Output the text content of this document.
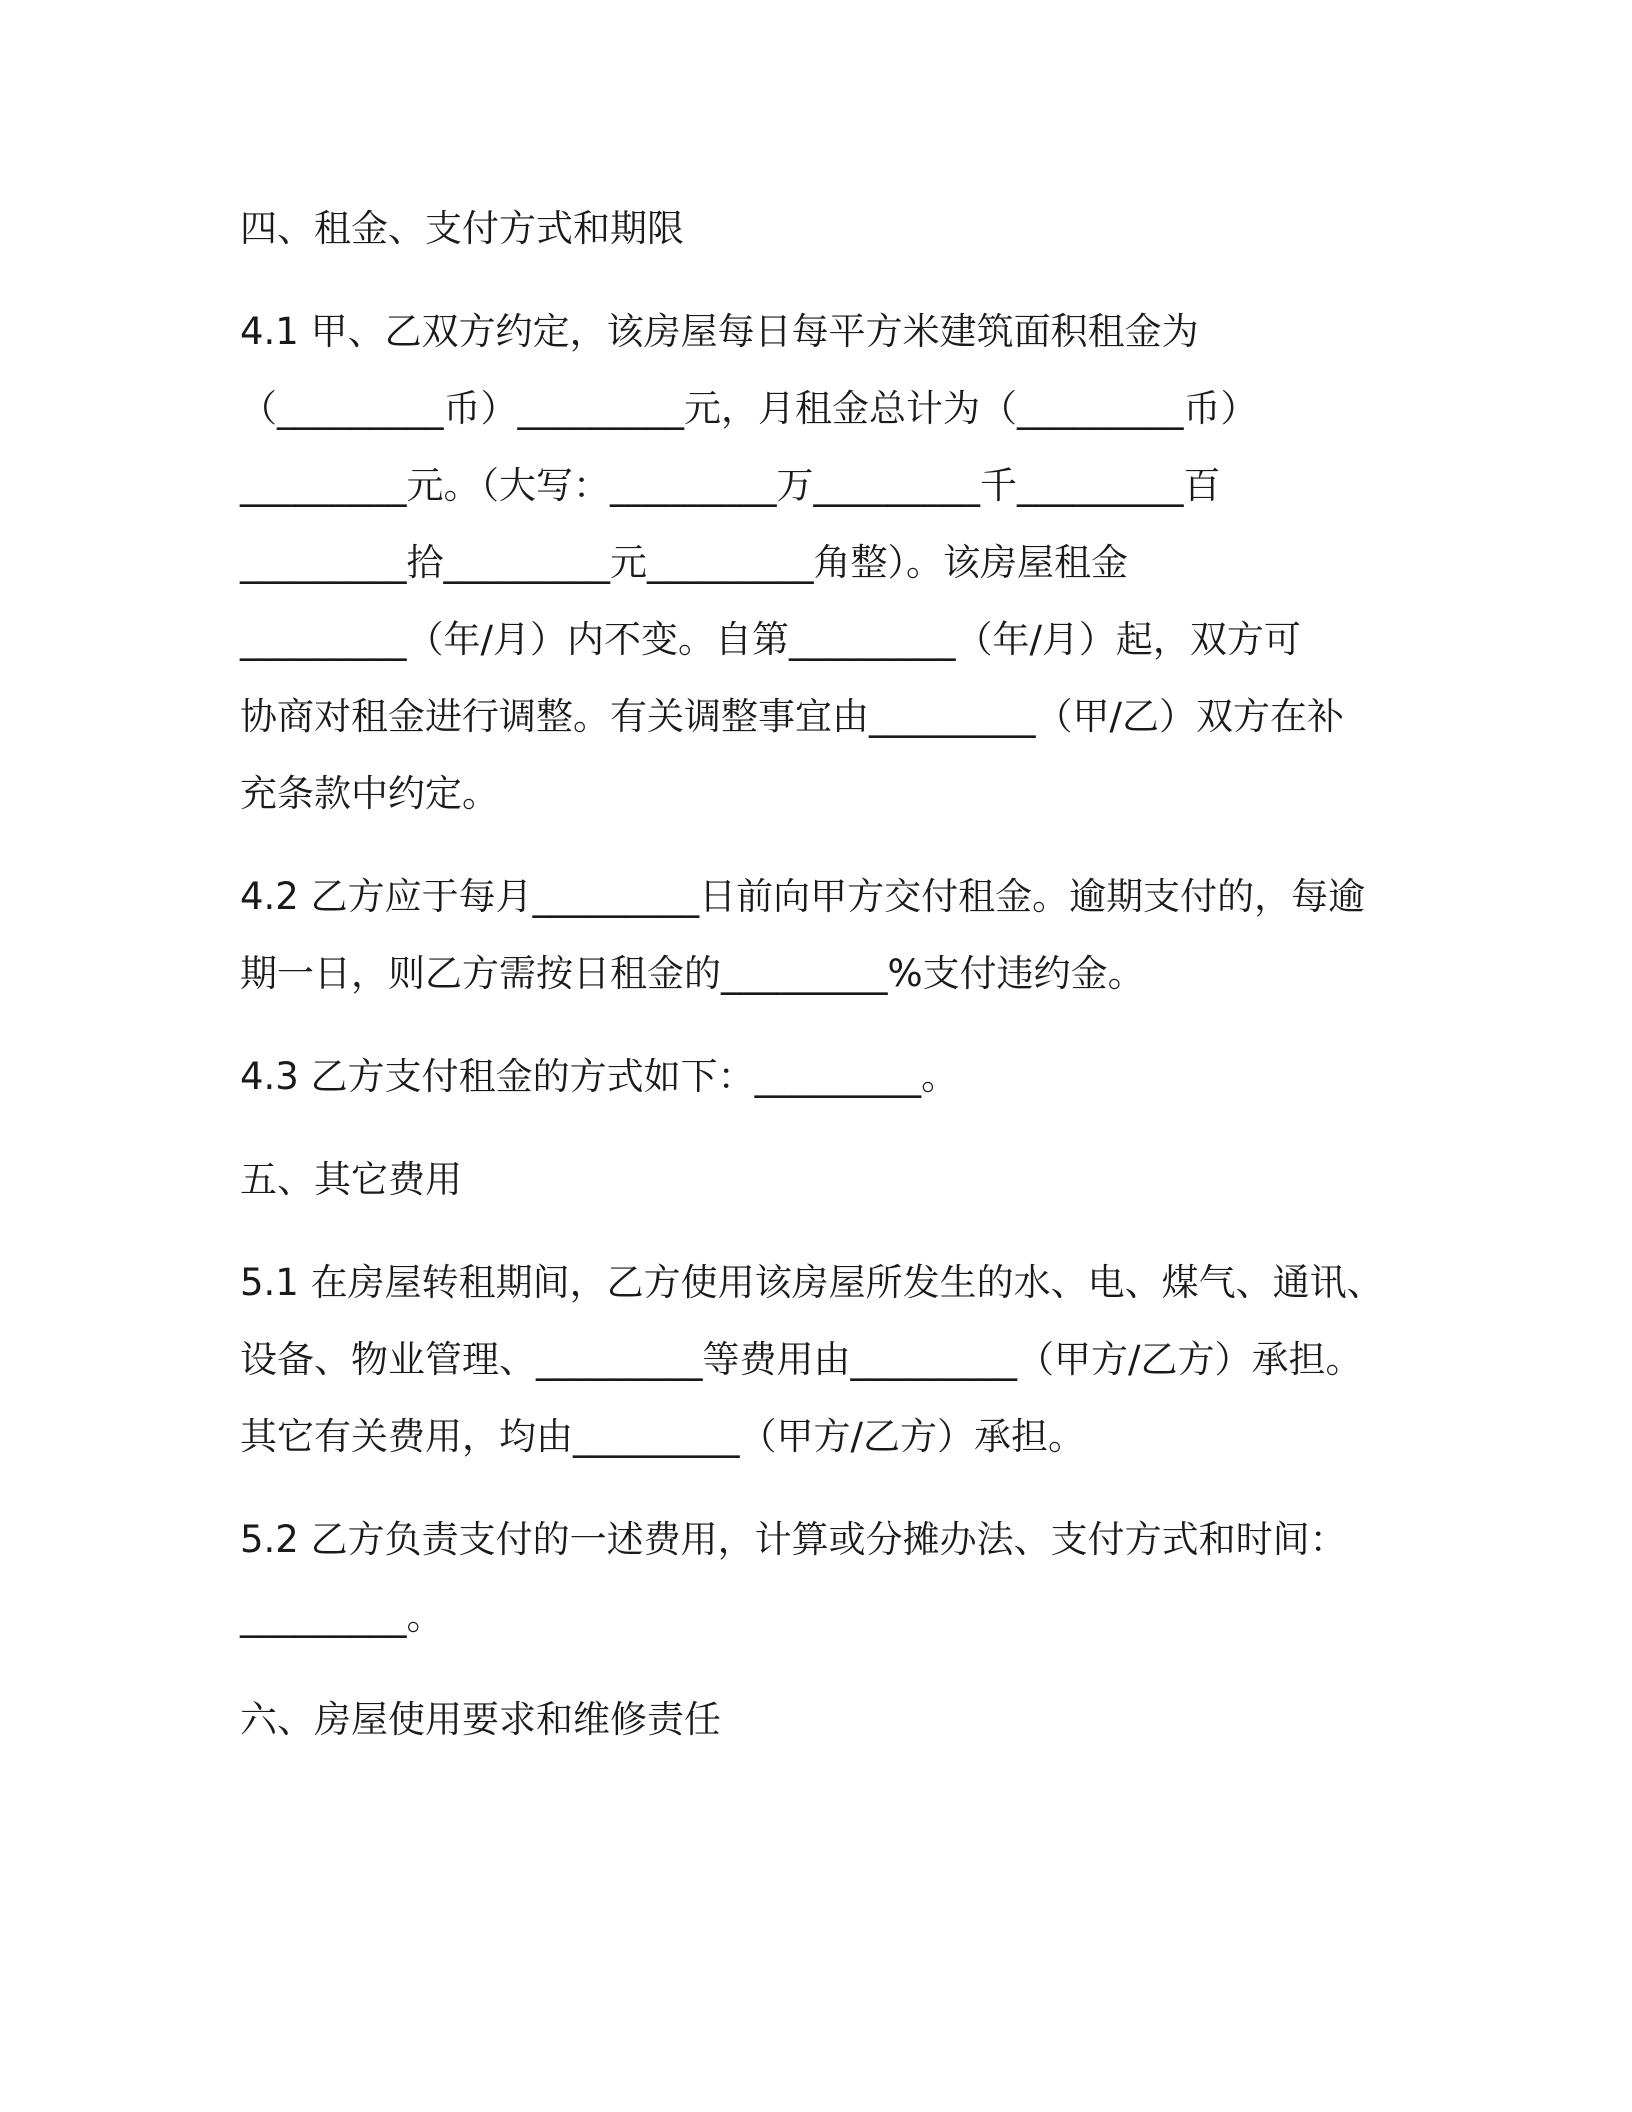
四、租金、支付方式和期限
4.1 甲、乙双方约定，该房屋每日每平方米建筑面积租金为
（_________币）_________元，月租金总计为（_________币）
_________元。（大写：_________万_________千_________百
_________拾_________元_________角整）。该房屋租金
_________（年/月）内不变。自第_________（年/月）起，双方可
协商对租金进行调整。有关调整事宜由_________（甲/乙）双方在补
充条款中约定。
4.2 乙方应于每月_________日前向甲方交付租金。逾期支付的，每逾
期一日，则乙方需按日租金的_________%支付违约金。
4.3 乙方支付租金的方式如下：_________。
五、其它费用
5.1 在房屋转租期间，乙方使用该房屋所发生的水、电、煤气、通讯、
设备、物业管理、_________等费用由_________（甲方/乙方）承担。
其它有关费用，均由_________（甲方/乙方）承担。
5.2 乙方负责支付的一述费用，计算或分摊办法、支付方式和时间：
_________。
六、房屋使用要求和维修责任
